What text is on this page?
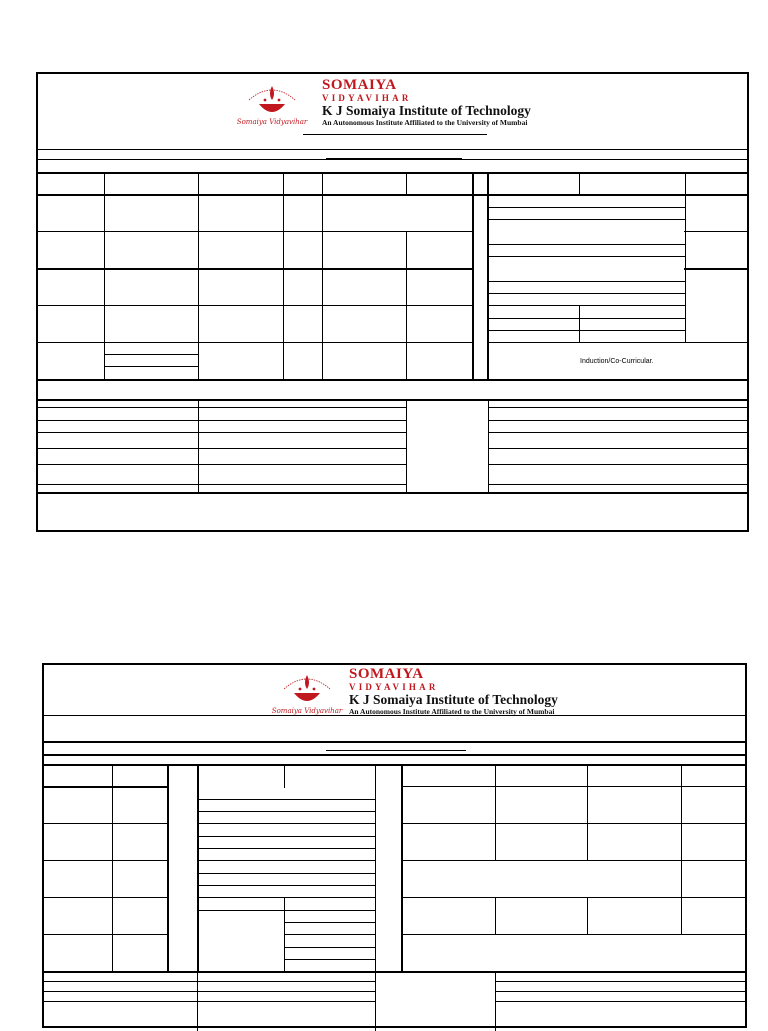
Somaiya Vidyavihar
SOMAIYA
VIDYAVIHAR
K J Somaiya Institute of Technology
An Autonomous Institute Affiliated to the University of Mumbai
Induction/Co-Curricular.
Somaiya Vidyavihar
SOMAIYA
VIDYAVIHAR
K J Somaiya Institute of Technology
An Autonomous Institute Affiliated to the University of Mumbai
